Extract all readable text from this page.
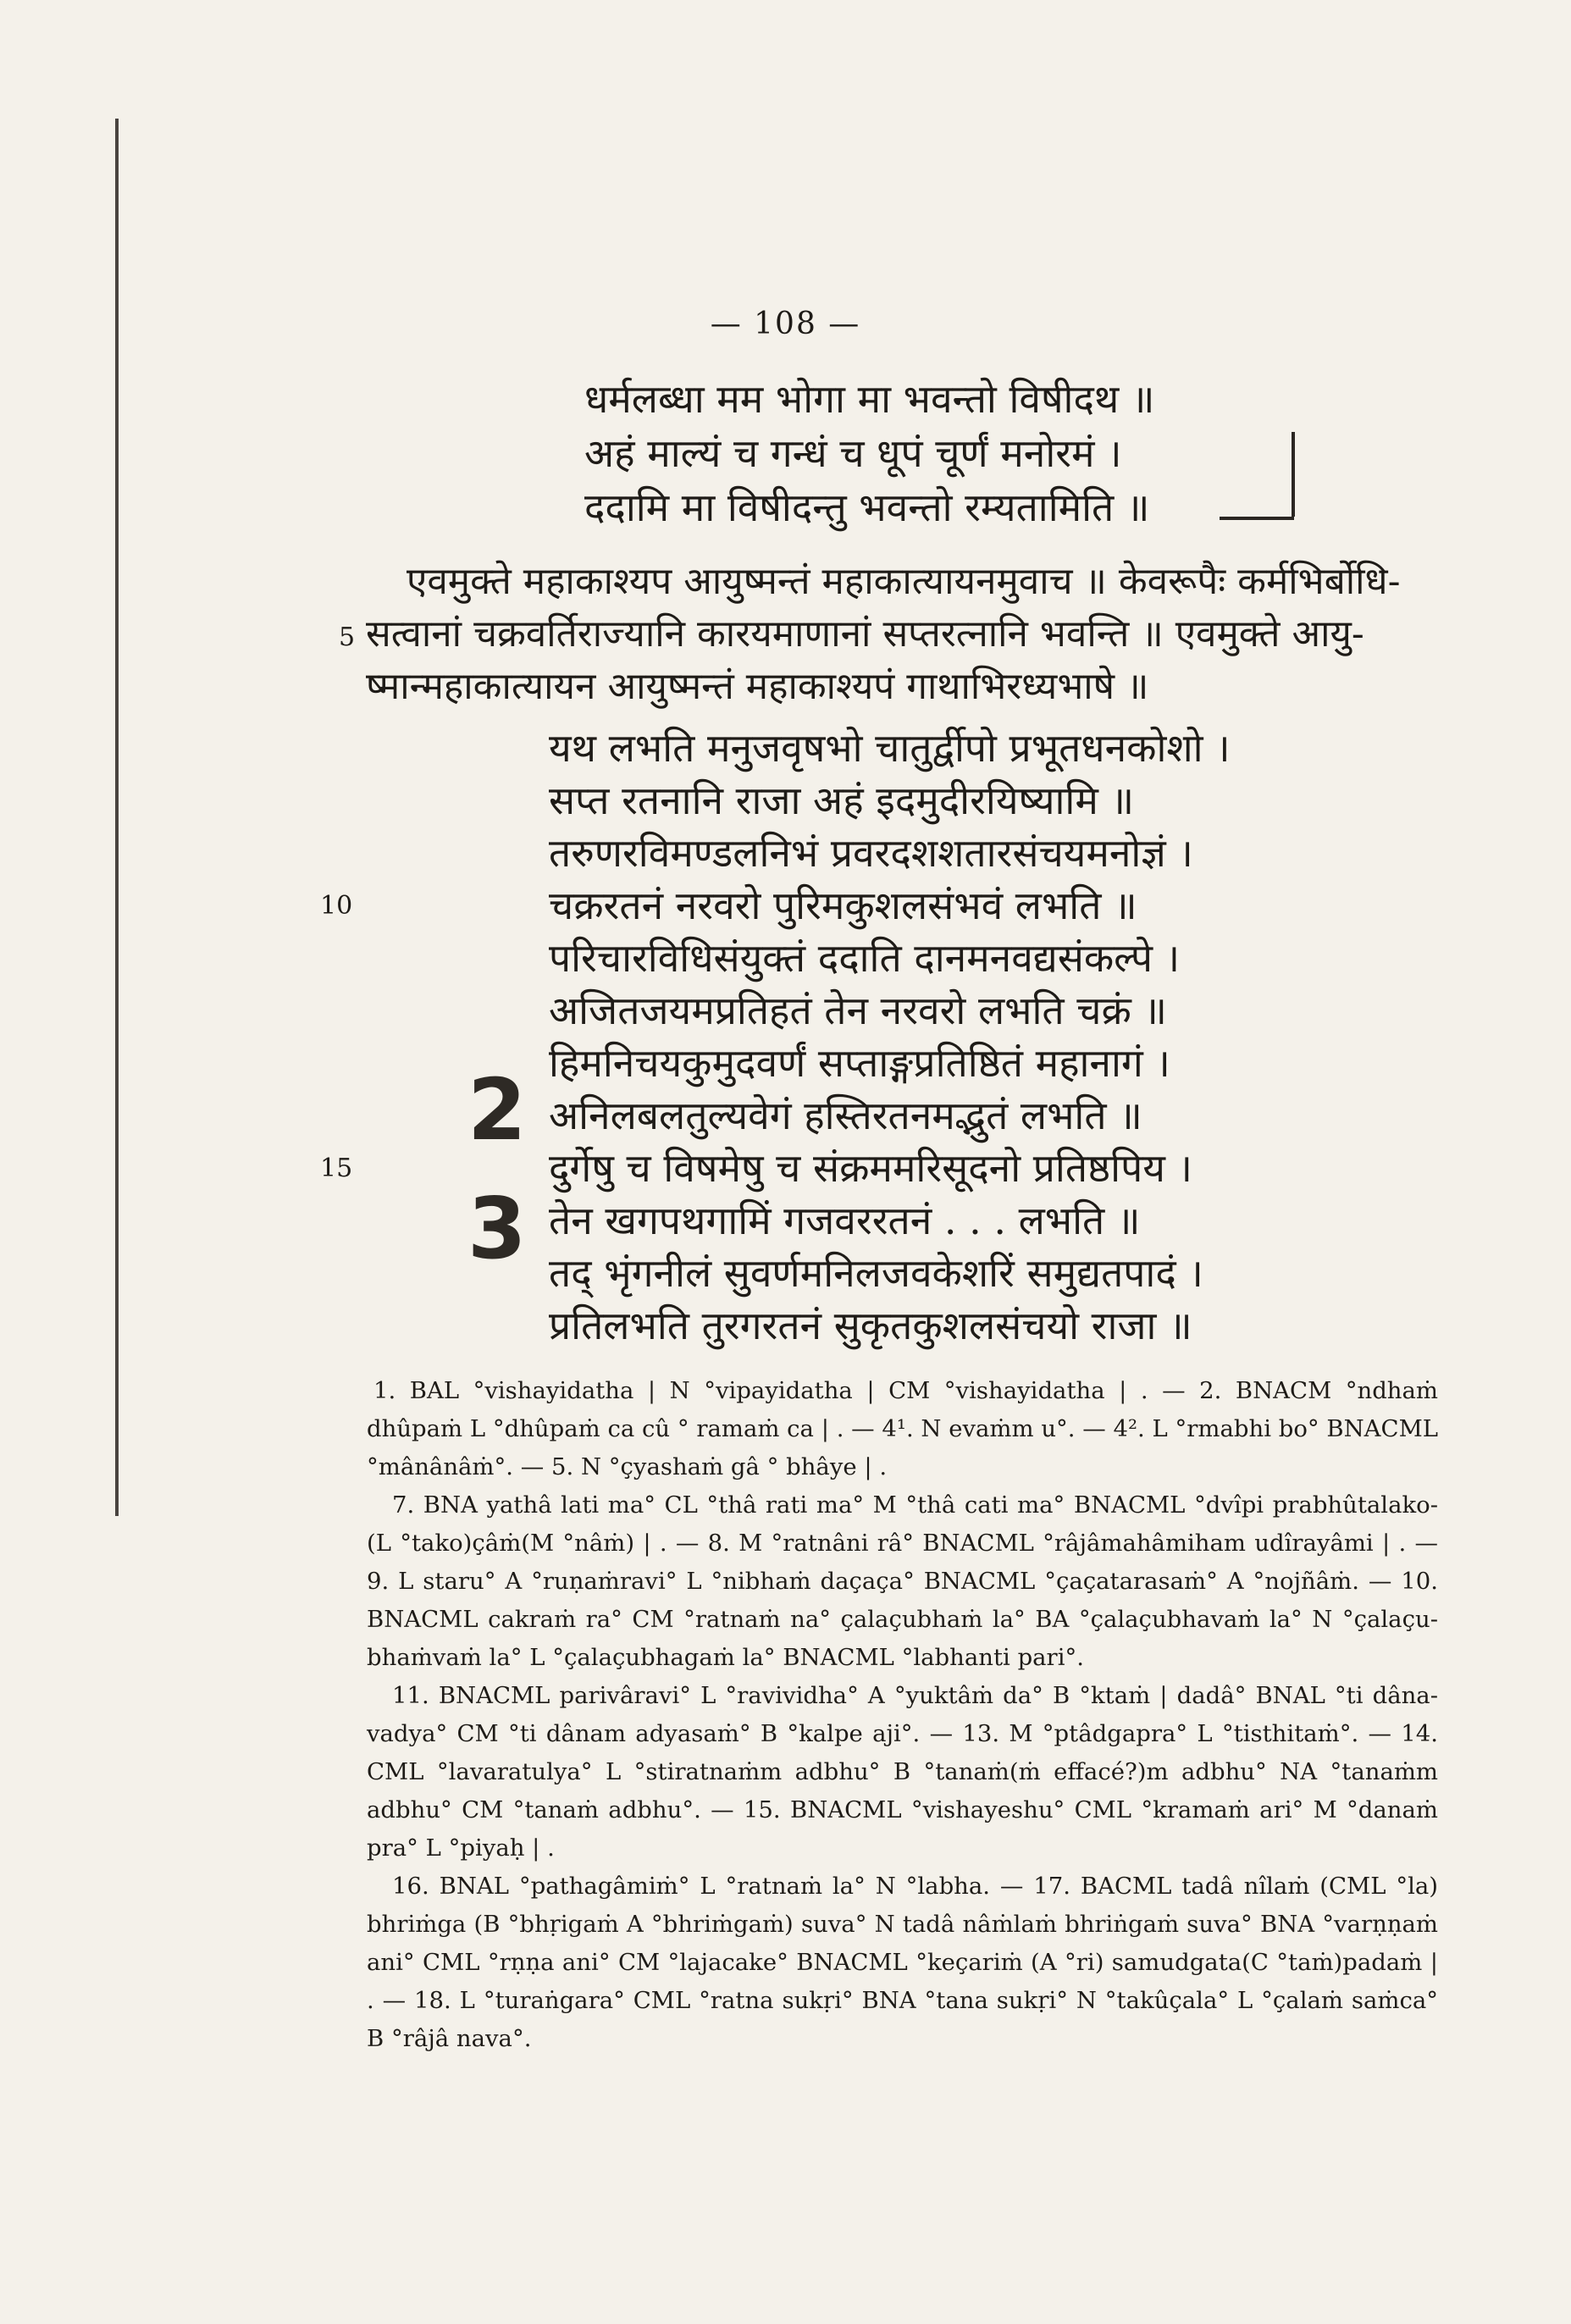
— 108 —
धर्मलब्धा मम भोगा मा भवन्तो विषीदथ ॥
अहं माल्यं च गन्धं च धूपं चूर्णं मनोरमं ।
ददामि मा विषीदन्तु भवन्तो रम्यतामिति ॥
एवमुक्ते महाकाश्यप आयुष्मन्तं महाकात्यायनमुवाच ॥ केवरूपैः कर्मभिर्बोधि-
5 सत्वानां चक्रवर्तिराज्यानि कारयमाणानां सप्तरत्नानि भवन्ति ॥ एवमुक्ते आयु-
ष्मान्महाकात्यायन आयुष्मन्तं महाकाश्यपं गाथाभिरध्यभाषे ॥
यथ लभति मनुजवृषभो चातुर्द्वीपो प्रभूतधनकोशो ।
सप्त रतनानि राजा अहं इदमुदीरयिष्यामि ॥
तरुणरविमण्डलनिभं प्रवरदशशतारसंचयमनोज्ञं ।
10	चक्ररतनं नरवरो पुरिमकुशलसंभवं लभति ॥
परिचारविधिसंयुक्तं ददाति दानमनवद्यसंकल्पे ।
अजितजयमप्रतिहतं तेन नरवरो लभति चक्रं ॥
हिमनिचयकुमुदवर्णं सप्ताङ्गप्रतिष्ठितं महानागं ।
2 अनिलबलतुल्यवेगं हस्तिरतनमद्भुतं लभति ॥
15	दुर्गेषु च विषमेषु च संक्रममरिसूदनो प्रतिष्ठपिय ।
3 तेन खगपथगामिं गजवररतनं . . . लभति ॥
तद् भृंगनीलं सुवर्णमनिलजवकेशरिं समुद्यतपादं ।
प्रतिलभति तुरगरतनं सुकृतकुशलसंचयो राजा ॥

1. BAL °vishayidatha | N °vipayidatha | CM °vishayidatha | . — 2. BNACM °ndhaṁ dhûpaṁ L °dhûpaṁ ca cû ° ramaṁ ca | . — 4¹. N evaṁm u°. — 4². L °rmabhi bo° BNACML °mânânâṁ°. — 5. N °çyashaṁ gâ ° bhâye | .

7. BNA yathâ lati ma° CL °thâ rati ma° M °thâ cati ma° BNACML °dvîpi prabhûtalako-(L °tako)çâṁ(M °nâṁ) | . — 8. M °ratnâni râ° BNACML °râjâmahâmiham udîrayâmi | . — 9. L staru° A °ruṇaṁravi° L °nibhaṁ daçaça° BNACML °çaçatarasaṁ° A °nojñâṁ. — 10. BNACML cakraṁ ra° CM °ratnaṁ na° çalaçubhaṁ la° BA °çalaçubhavaṁ la° N °çalaçu-bhaṁvaṁ la° L °çalaçubhagaṁ la° BNACML °labhanti pari°.

11. BNACML parivâravi° L °ravividha° A °yuktâṁ da° B °ktaṁ | dadâ° BNAL °ti dâna-vadya° CM °ti dânam adyasaṁ° B °kalpe aji°. — 13. M °ptâdgapra° L °tisthitaṁ°. — 14. CML °lavaratulya° L °stiratnaṁm adbhu° B °tanaṁ(ṁ effacé?)m adbhu° NA °tanaṁm adbhu° CM °tanaṁ adbhu°. — 15. BNACML °vishayeshu° CML °kramaṁ ari° M °danaṁ pra° L °piyaḥ | .

16. BNAL °pathagâmiṁ° L °ratnaṁ la° N °labha. — 17. BACML tadâ nîlaṁ (CML °la) bhriṁga (B °bhṛigaṁ A °bhriṁgaṁ) suva° N tadâ nâṁlaṁ bhriṅgaṁ suva° BNA °varṇṇaṁ ani° CML °rṇṇa ani° CM °lajacake° BNACML °keçariṁ (A °ri) samudgata(C °taṁ)padaṁ | . — 18. L °turaṅgara° CML °ratna sukṛi° BNA °tana sukṛi° N °takûçala° L °çalaṁ saṁca° B °râjâ nava°.
